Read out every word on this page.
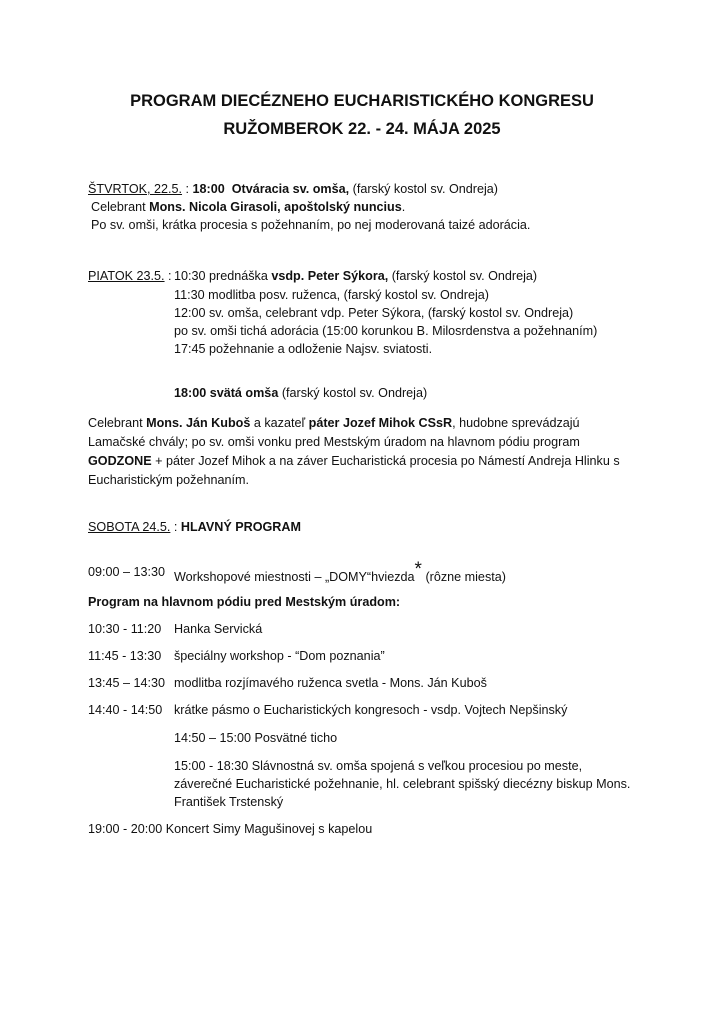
PROGRAM DIECÉZNEHO EUCHARISTICKÉHO KONGRESU
RUŽOMBEROK 22. - 24. MÁJA 2025
ŠTVRTOK, 22.5. : 18:00 Otváracia sv. omša, (farský kostol sv. Ondreja)
Celebrant Mons. Nicola Girasoli, apoštolský nuncius.
Po sv. omši, krátka procesia s požehnaním, po nej moderovaná taizé adorácia.
PIATOK 23.5. : 10:30 prednáška vsdp. Peter Sýkora, (farský kostol sv. Ondreja)
11:30 modlitba posv. ruženca, (farský kostol sv. Ondreja)
12:00 sv. omša, celebrant vdp. Peter Sýkora, (farský kostol sv. Ondreja)
po sv. omši tichá adorácia (15:00 korunkou B. Milosrdenstva a požehnaním)
17:45 požehnanie a odloženie Najsv. sviatosti.
18:00 svätá omša (farský kostol sv. Ondreja)
Celebrant Mons. Ján Kuboš a kazateľ páter Jozef Mihok CSsR, hudobne sprevádzajú Lamačské chvály; po sv. omši vonku pred Mestským úradom na hlavnom pódiu program GODZONE + páter Jozef Mihok a na záver Eucharistická procesia po Námestí Andreja Hlinku s Eucharistickým požehnaním.
SOBOTA 24.5. : HLAVNÝ PROGRAM
09:00 – 13:30 Workshopové miestnosti – „DOMY“hviezda* (rôzne miesta)
Program na hlavnom pódiu pred Mestským úradom:
10:30 - 11:20 Hanka Servická
11:45 - 13:30 špeciálny workshop - “Dom poznania”
13:45 – 14:30 modlitba rozjímavého ruženca svetla - Mons. Ján Kuboš
14:40 - 14:50 krátke pásmo o Eucharistických kongresoch - vsdp. Vojtech Nepšinský
14:50 – 15:00 Posvätné ticho
15:00 - 18:30 Slávnostná sv. omša spojená s veľkou procesiou po meste,
záverečné Eucharistické požehnanie, hl. celebrant spišský diecézny biskup Mons.
František Trstenský
19:00 - 20:00 Koncert Simy Magušinovej s kapelou
